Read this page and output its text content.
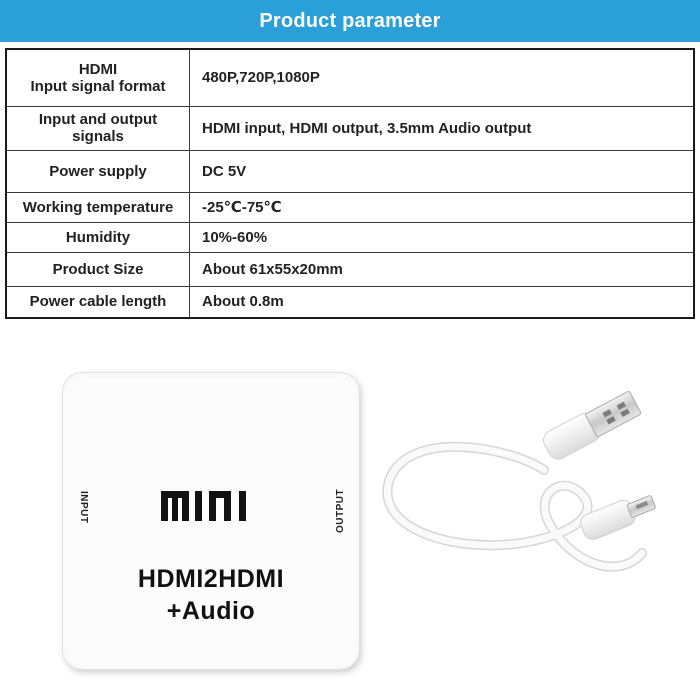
Product parameter
HDMI
Input signal format	480P,720P,1080P

Input and output
signals	HDMI input, HDMI output, 3.5mm Audio output

Power supply	DC 5V

Working temperature	-25℃-75℃

Humidity	10%-60%

Product Size	About 61x55x20mm

Power cable length	About 0.8m
MINI
INPUT	OUTPUT
HDMI2HDMI
+Audio
